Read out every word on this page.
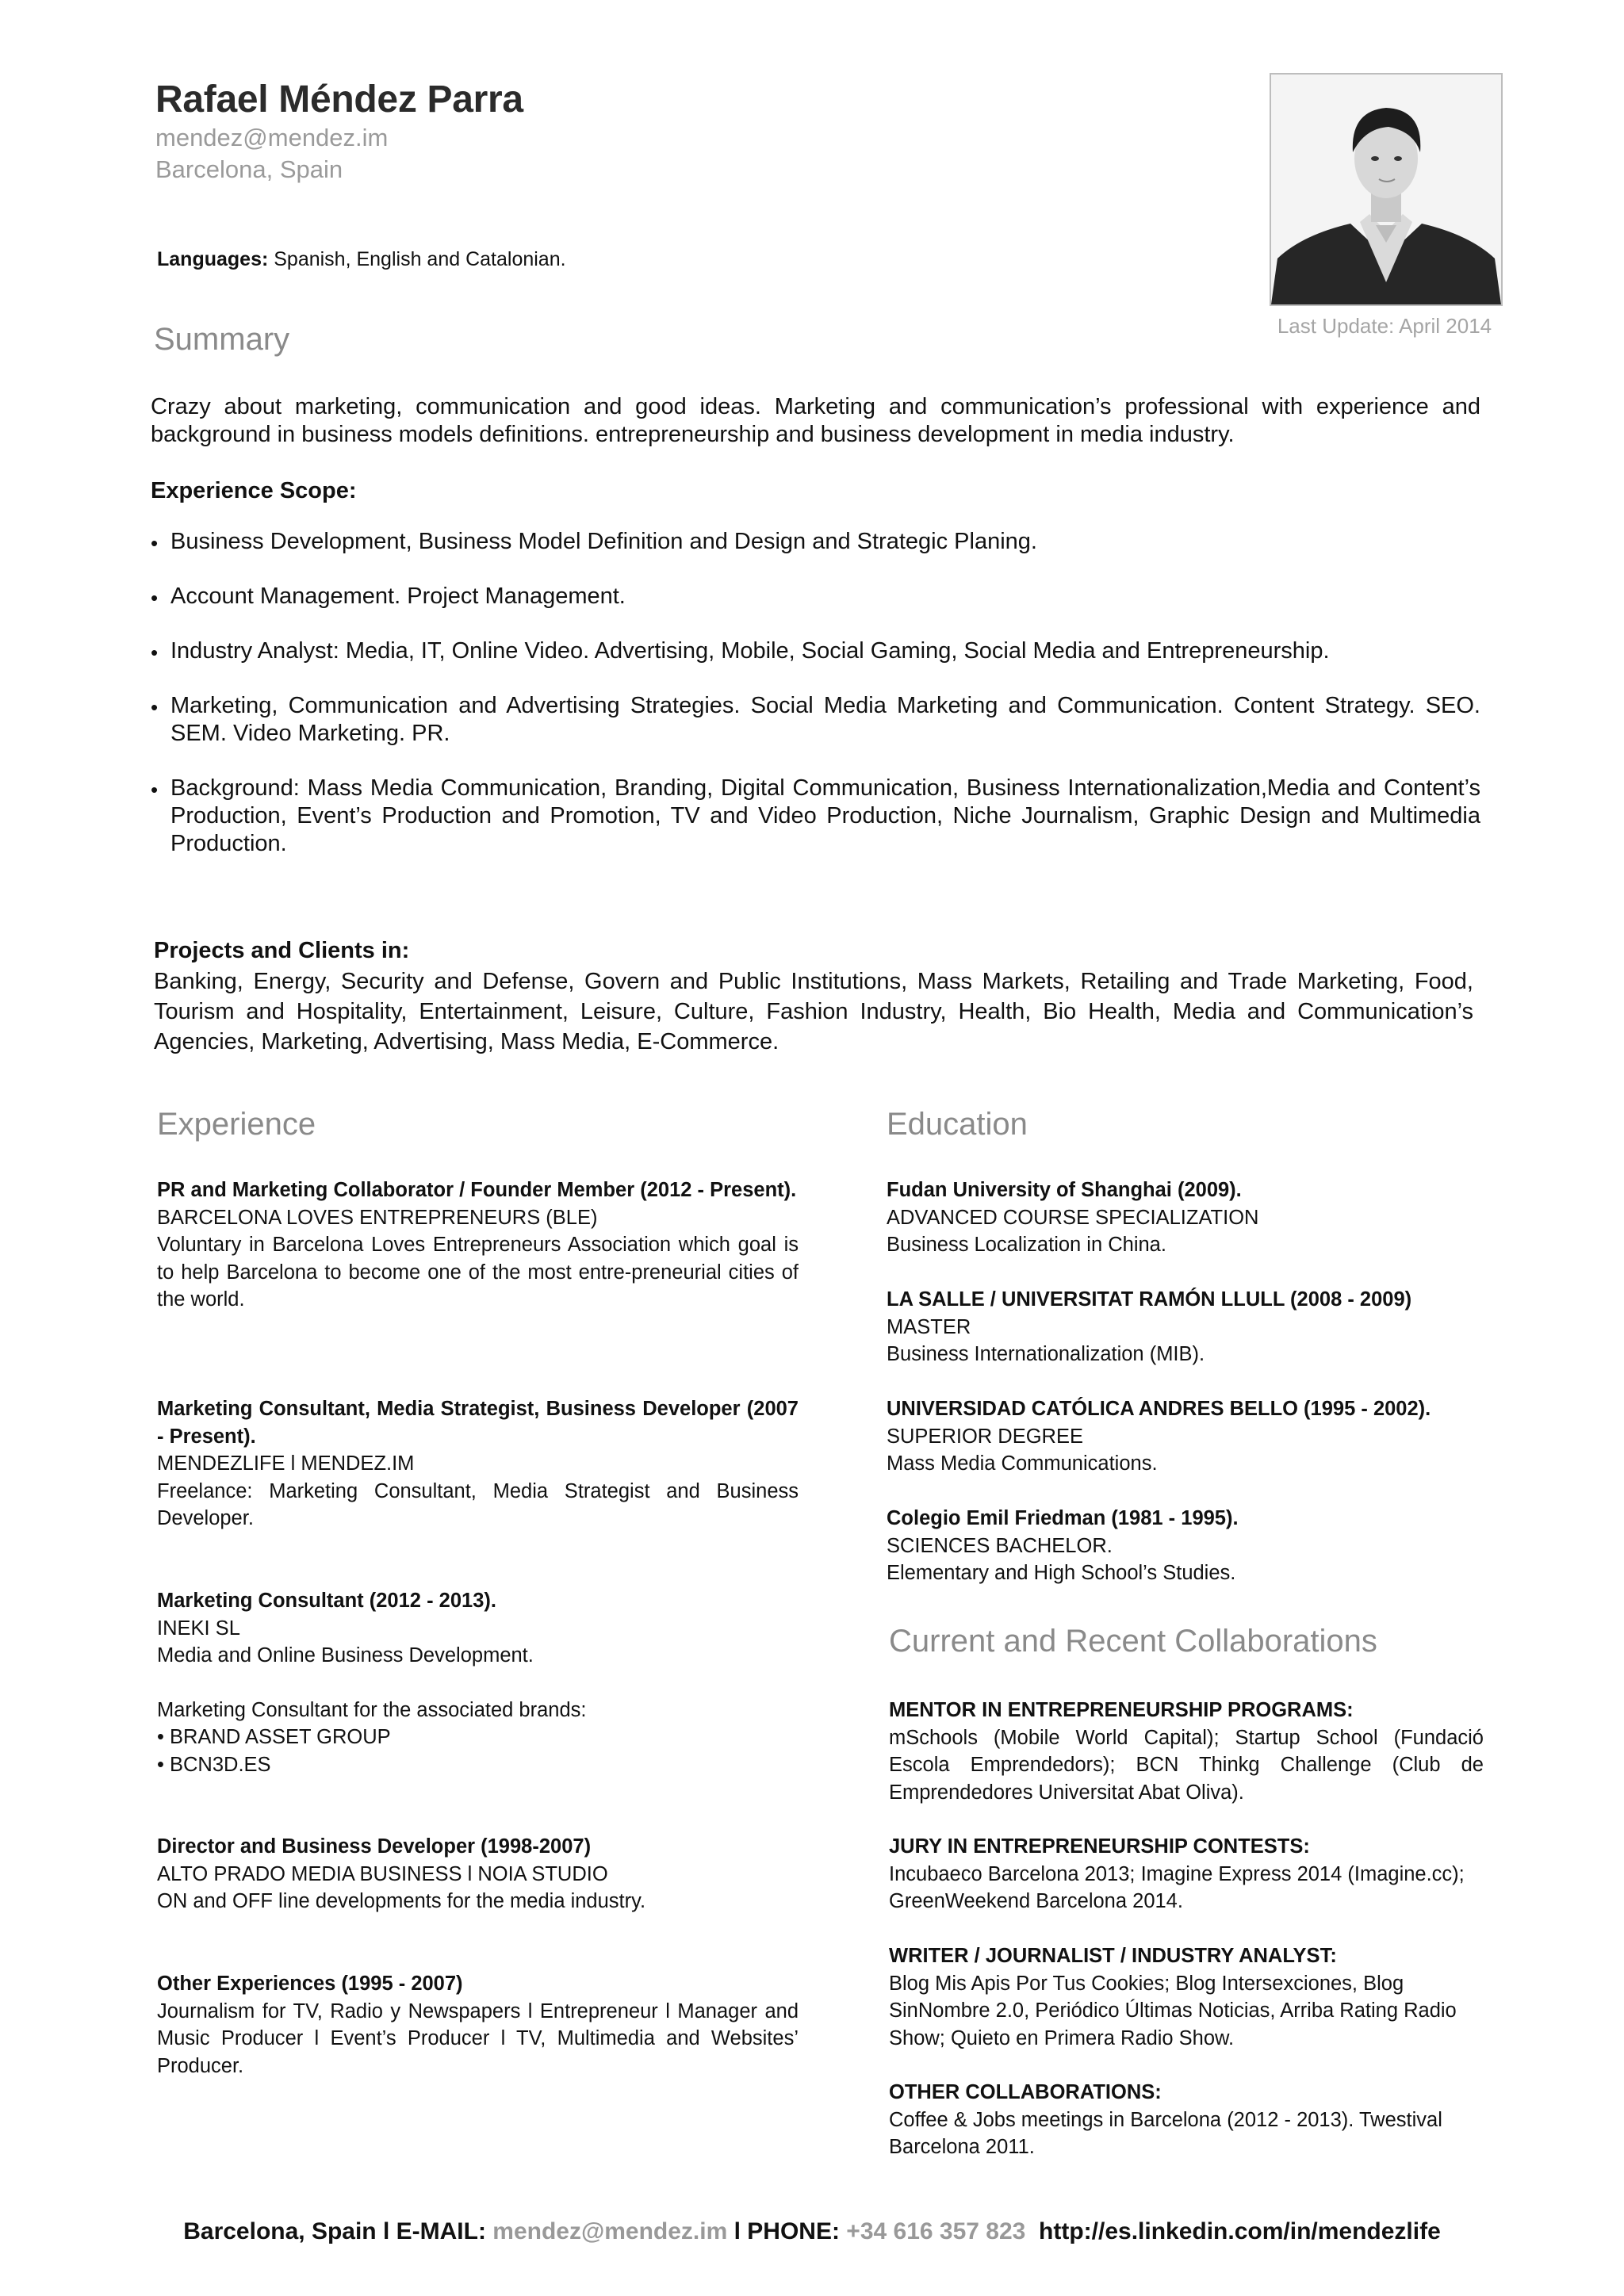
Rafael Méndez Parra
mendez@mendez.im
Barcelona, Spain
Languages: Spanish, English and Catalonian.
Last Update: April 2014
Summary
Crazy about marketing, communication and good ideas. Marketing and communication’s professional with experience and background in business models definitions. entrepreneurship and business development in media industry.
Experience Scope:
• Business Development, Business Model Definition and Design and Strategic Planing.
• Account Management. Project Management.
• Industry Analyst: Media, IT, Online Video. Advertising, Mobile, Social Gaming, Social Media and Entrepreneurship.
• Marketing, Communication and Advertising Strategies. Social Media Marketing and Communication. Content Strategy. SEO. SEM. Video Marketing. PR.
• Background: Mass Media Communication, Branding, Digital Communication, Business Internationalization,Media and Content’s Production, Event’s Production and Promotion, TV and Video Production, Niche Journalism, Graphic Design and Multimedia Production.
Projects and Clients in:
Banking, Energy, Security and Defense, Govern and Public Institutions, Mass Markets, Retailing and Trade Marketing, Food, Tourism and Hospitality, Entertainment, Leisure, Culture, Fashion Industry, Health, Bio Health, Media and Communication’s Agencies, Marketing, Advertising, Mass Media, E-Commerce.
Experience
PR and Marketing Collaborator / Founder Member (2012 - Present).
BARCELONA LOVES ENTREPRENEURS (BLE)
Voluntary in Barcelona Loves Entrepreneurs Association which goal is to help Barcelona to become one of the most entre-preneurial cities of the world.
Marketing Consultant, Media Strategist, Business Developer (2007 - Present).
MENDEZLIFE l MENDEZ.IM
Freelance: Marketing Consultant, Media Strategist and Business Developer.
Marketing Consultant (2012 - 2013).
INEKI SL
Media and Online Business Development.
Marketing Consultant for the associated brands:
• BRAND ASSET GROUP
• BCN3D.ES
Director and Business Developer (1998-2007)
ALTO PRADO MEDIA BUSINESS l NOIA STUDIO
ON and OFF line developments for the media industry.
Other Experiences (1995 - 2007)
Journalism for TV, Radio y Newspapers l Entrepreneur l Manager and Music Producer l Event’s Producer l TV, Multimedia and Websites’ Producer.
Education
Fudan University of Shanghai (2009).
ADVANCED COURSE SPECIALIZATION
Business Localization in China.
LA SALLE / UNIVERSITAT RAMÓN LLULL (2008 - 2009)
MASTER
Business Internationalization (MIB).
UNIVERSIDAD CATÓLICA ANDRES BELLO (1995 - 2002).
SUPERIOR DEGREE
Mass Media Communications.
Colegio Emil Friedman (1981 - 1995).
SCIENCES BACHELOR.
Elementary and High School’s Studies.
Current and Recent Collaborations
MENTOR IN ENTREPRENEURSHIP PROGRAMS:
mSchools (Mobile World Capital); Startup School (Fundació Escola Emprendedors); BCN Thinkg Challenge (Club de Emprendedores Universitat Abat Oliva).
JURY IN ENTREPRENEURSHIP CONTESTS:
Incubaeco Barcelona 2013; Imagine Express 2014 (Imagine.cc); GreenWeekend Barcelona 2014.
WRITER / JOURNALIST / INDUSTRY ANALYST:
Blog Mis Apis Por Tus Cookies; Blog Intersexciones, Blog SinNombre 2.0, Periódico Últimas Noticias, Arriba Rating Radio Show; Quieto en Primera Radio Show.
OTHER COLLABORATIONS:
Coffee & Jobs meetings in Barcelona (2012 - 2013). Twestival Barcelona 2011.
Barcelona, Spain l E-MAIL: mendez@mendez.im l PHONE: +34 616 357 823  http://es.linkedin.com/in/mendezlife
